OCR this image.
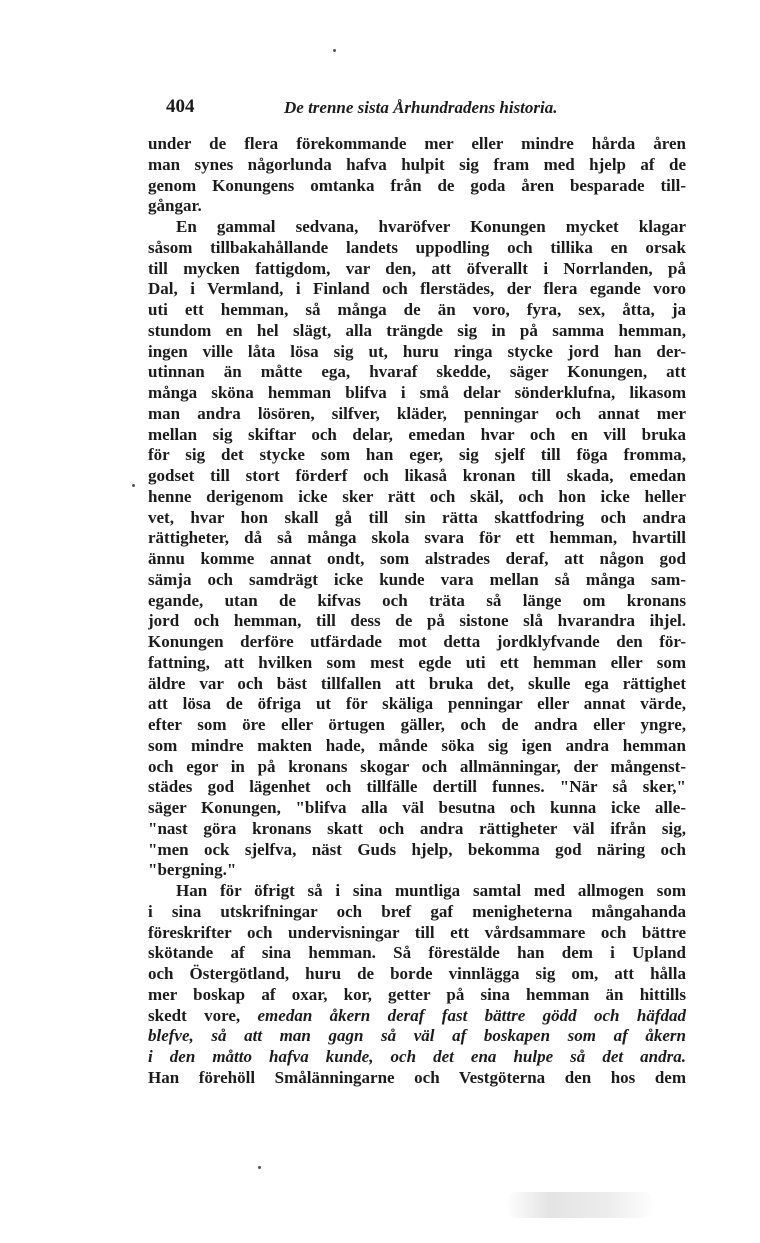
404	De trenne sista Århundradens historia.
under de flera förekommande mer eller mindre hårda åren
man synes någorlunda hafva hulpit sig fram med hjelp af de
genom Konungens omtanka från de goda åren besparade till-
gångar.
En gammal sedvana, hvaröfver Konungen mycket klagar
såsom tillbakahållande landets uppodling och tillika en orsak
till mycken fattigdom, var den, att öfverallt i Norrlanden, på
Dal, i Vermland, i Finland och flerstädes, der flera egande voro
uti ett hemman, så många de än voro, fyra, sex, åtta, ja
stundom en hel slägt, alla trängde sig in på samma hemman,
ingen ville låta lösa sig ut, huru ringa stycke jord han der-
utinnan än måtte ega, hvaraf skedde, säger Konungen, att
många sköna hemman blifva i små delar sönderklufna, likasom
man andra lösören, silfver, kläder, penningar och annat mer
mellan sig skiftar och delar, emedan hvar och en vill bruka
för sig det stycke som han eger, sig sjelf till föga fromma,
godset till stort förderf och likaså kronan till skada, emedan
henne derigenom icke sker rätt och skäl, och hon icke heller
vet, hvar hon skall gå till sin rätta skattfodring och andra
rättigheter, då så många skola svara för ett hemman, hvartill
ännu komme annat ondt, som alstrades deraf, att någon god
sämja och samdrägt icke kunde vara mellan så många sam-
egande, utan de kifvas och träta så länge om kronans
jord och hemman, till dess de på sistone slå hvarandra ihjel.
Konungen derföre utfärdade mot detta jordklyfvande den för-
fattning, att hvilken som mest egde uti ett hemman eller som
äldre var och bäst tillfallen att bruka det, skulle ega rättighet
att lösa de öfriga ut för skäliga penningar eller annat värde,
efter som öre eller örtugen gäller, och de andra eller yngre,
som mindre makten hade, månde söka sig igen andra hemman
och egor in på kronans skogar och allmänningar, der mångenst-
städes god lägenhet och tillfälle dertill funnes. "När så sker,"
säger Konungen, "blifva alla väl besutna och kunna icke alle-
"nast göra kronans skatt och andra rättigheter väl ifrån sig,
"men ock sjelfva, näst Guds hjelp, bekomma god näring och
"bergning."
Han för öfrigt så i sina muntliga samtal med allmogen som
i sina utskrifningar och bref gaf menigheterna mångahanda
föreskrifter och undervisningar till ett vårdsammare och bättre
skötande af sina hemman. Så förestälde han dem i Upland
och Östergötland, huru de borde vinnlägga sig om, att hålla
mer boskap af oxar, kor, getter på sina hemman än hittills
skedt vore, emedan åkern deraf fast bättre gödd och häfdad
blefve, så att man gagn så väl af boskapen som af åkern
i den måtto hafva kunde, och det ena hulpe så det andra.
Han förehöll Smålänningarne och Vestgöterna den hos dem
